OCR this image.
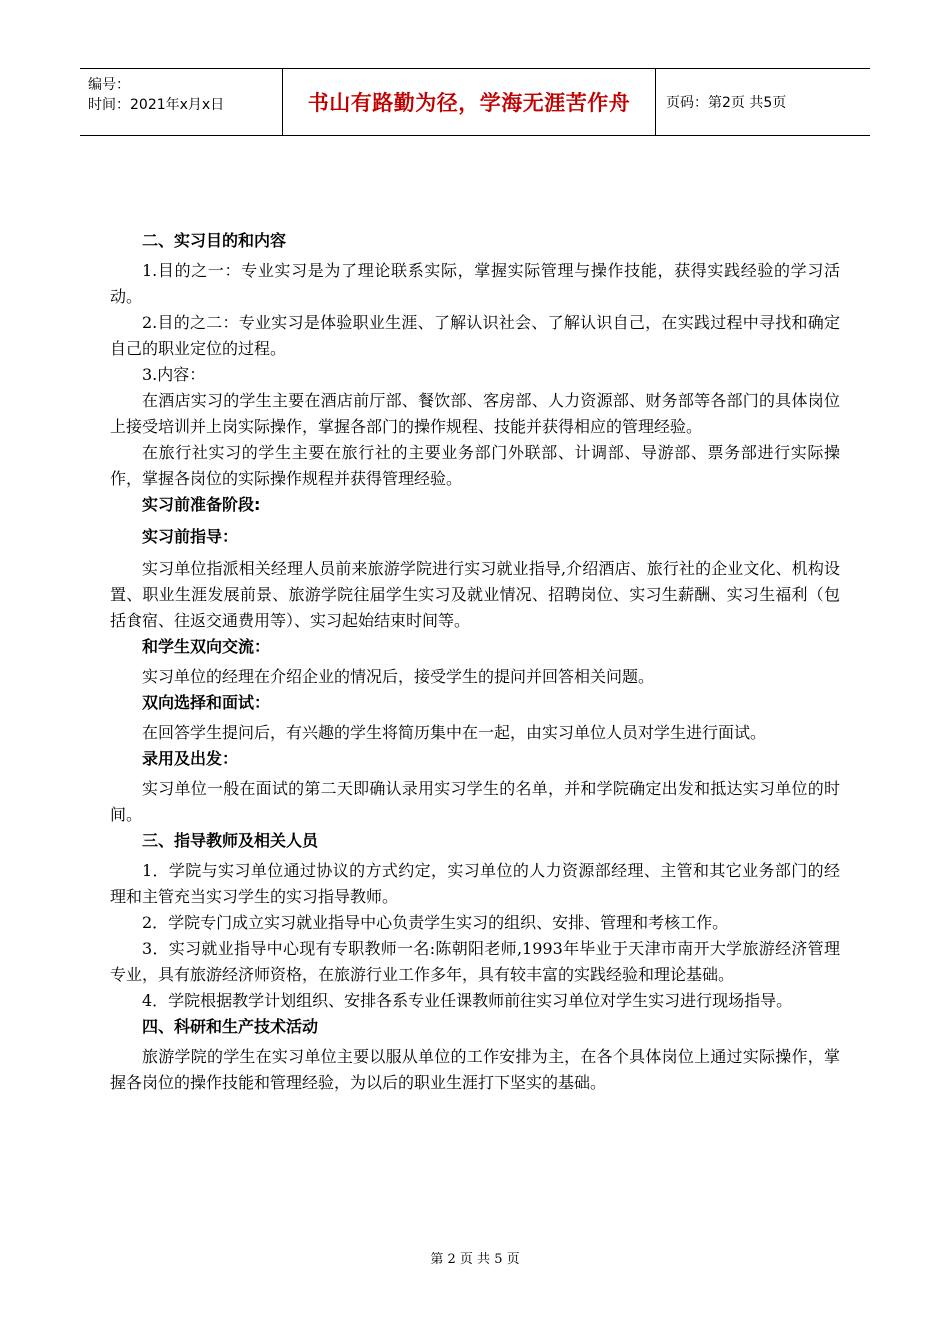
编号：
时间：2021年x月x日	书山有路勤为径，学海无涯苦作舟	页码：第2页 共5页

二、实习目的和内容

1.目的之一：专业实习是为了理论联系实际，掌握实际管理与操作技能，获得实践经验的学习活动。

2.目的之二：专业实习是体验职业生涯、了解认识社会、了解认识自己，在实践过程中寻找和确定自己的职业定位的过程。

3.内容：

在酒店实习的学生主要在酒店前厅部、餐饮部、客房部、人力资源部、财务部等各部门的具体岗位上接受培训并上岗实际操作，掌握各部门的操作规程、技能并获得相应的管理经验。

在旅行社实习的学生主要在旅行社的主要业务部门外联部、计调部、导游部、票务部进行实际操作，掌握各岗位的实际操作规程并获得管理经验。

实习前准备阶段:

实习前指导：

实习单位指派相关经理人员前来旅游学院进行实习就业指导,介绍酒店、旅行社的企业文化、机构设置、职业生涯发展前景、旅游学院往届学生实习及就业情况、招聘岗位、实习生薪酬、实习生福利（包括食宿、往返交通费用等）、实习起始结束时间等。

和学生双向交流：

实习单位的经理在介绍企业的情况后，接受学生的提问并回答相关问题。

双向选择和面试：

在回答学生提问后，有兴趣的学生将简历集中在一起，由实习单位人员对学生进行面试。

录用及出发：

实习单位一般在面试的第二天即确认录用实习学生的名单，并和学院确定出发和抵达实习单位的时间。

三、指导教师及相关人员

1．学院与实习单位通过协议的方式约定，实习单位的人力资源部经理、主管和其它业务部门的经理和主管充当实习学生的实习指导教师。

2．学院专门成立实习就业指导中心负责学生实习的组织、安排、管理和考核工作。

3．实习就业指导中心现有专职教师一名:陈朝阳老师,1993年毕业于天津市南开大学旅游经济管理专业，具有旅游经济师资格，在旅游行业工作多年，具有较丰富的实践经验和理论基础。

4．学院根据教学计划组织、安排各系专业任课教师前往实习单位对学生实习进行现场指导。

四、科研和生产技术活动

旅游学院的学生在实习单位主要以服从单位的工作安排为主，在各个具体岗位上通过实际操作，掌握各岗位的操作技能和管理经验，为以后的职业生涯打下坚实的基础。

第 2 页 共 5 页
